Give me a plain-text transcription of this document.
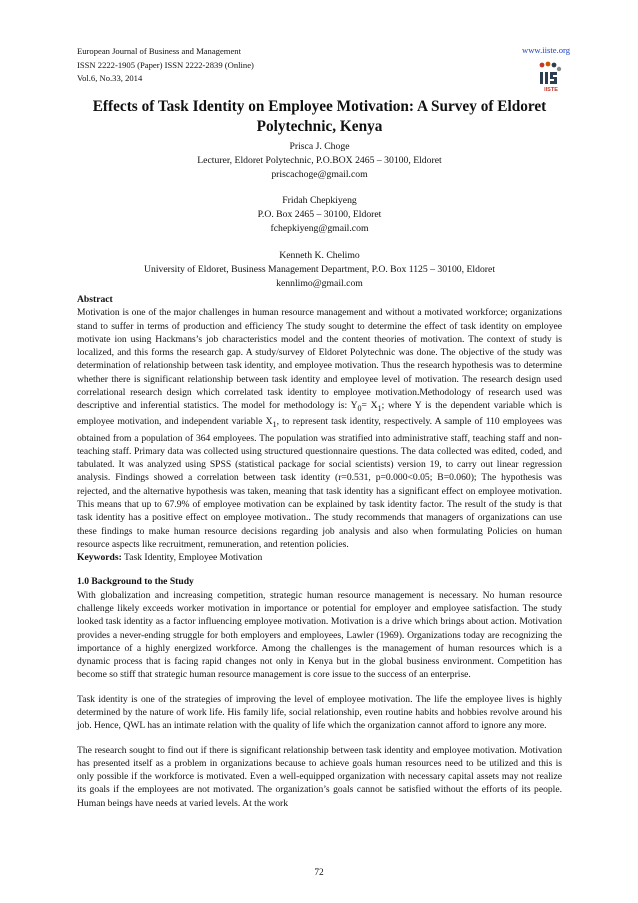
European Journal of Business and Management
ISSN 2222-1905 (Paper) ISSN 2222-2839 (Online)
Vol.6, No.33, 2014
www.iiste.org
IISTE
Effects of Task Identity on Employee Motivation: A Survey of Eldoret Polytechnic, Kenya

Prisca J. Choge

Lecturer, Eldoret Polytechnic, P.O.BOX 2465 – 30100, Eldoret

priscachoge@gmail.com

Fridah Chepkiyeng

P.O. Box 2465 – 30100, Eldoret

fchepkiyeng@gmail.com

Kenneth K. Chelimo

University of Eldoret, Business Management Department, P.O. Box 1125 – 30100, Eldoret

kennlimo@gmail.com

Abstract

Motivation is one of the major challenges in human resource management and without a motivated workforce; organizations stand to suffer in terms of production and efficiency The study sought to determine the effect of task identity on employee motivate ion using Hackmans’s job characteristics model and the content theories of motivation. The context of study is localized, and this forms the research gap. A study/survey of Eldoret Polytechnic was done. The objective of the study was determination of relationship between task identity, and employee motivation. Thus the research hypothesis was to determine whether there is significant relationship between task identity and employee level of motivation. The research design used correlational research design which correlated task identity to employee motivation.Methodology of research used was descriptive and inferential statistics. The model for methodology is: $Y_0= X_1$; where Y is the dependent variable which is employee motivation, and independent variable $X_1$, to represent task identity, respectively. A sample of 110 employees was obtained from a population of 364 employees. The population was stratified into administrative staff, teaching staff and non-teaching staff. Primary data was collected using structured questionnaire questions. The data collected was edited, coded, and tabulated. It was analyzed using SPSS (statistical package for social scientists) version 19, to carry out linear regression analysis. Findings showed a correlation between task identity (r=0.531, p=0.000<0.05; B=0.060); The hypothesis was rejected, and the alternative hypothesis was taken, meaning that task identity has a significant effect on employee motivation. This means that up to 67.9% of employee motivation can be explained by task identity factor. The result of the study is that task identity has a positive effect on employee motivation.. The study recommends that managers of organizations can use these findings to make human resource decisions regarding job analysis and also when formulating Policies on human resource aspects like recruitment, remuneration, and retention policies.

Keywords: Task Identity, Employee Motivation

1.0 Background to the Study

With globalization and increasing competition, strategic human resource management is necessary. No human resource challenge likely exceeds worker motivation in importance or potential for employer and employee satisfaction. The study looked task identity as a factor influencing employee motivation. Motivation is a drive which brings about action. Motivation provides a never-ending struggle for both employers and employees, Lawler (1969). Organizations today are recognizing the importance of a highly energized workforce. Among the challenges is the management of human resources which is a dynamic process that is facing rapid changes not only in Kenya but in the global business environment. Competition has become so stiff that strategic human resource management is core issue to the success of an enterprise.

Task identity is one of the strategies of improving the level of employee motivation. The life the employee lives is highly determined by the nature of work life. His family life, social relationship, even routine habits and hobbies revolve around his job. Hence, QWL has an intimate relation with the quality of life which the organization cannot afford to ignore any more.

The research sought to find out if there is significant relationship between task identity and employee motivation. Motivation has presented itself as a problem in organizations because to achieve goals human resources need to be utilized and this is only possible if the workforce is motivated. Even a well-equipped organization with necessary capital assets may not realize its goals if the employees are not motivated. The organization’s goals cannot be satisfied without the efforts of its people. Human beings have needs at varied levels. At the work

72
